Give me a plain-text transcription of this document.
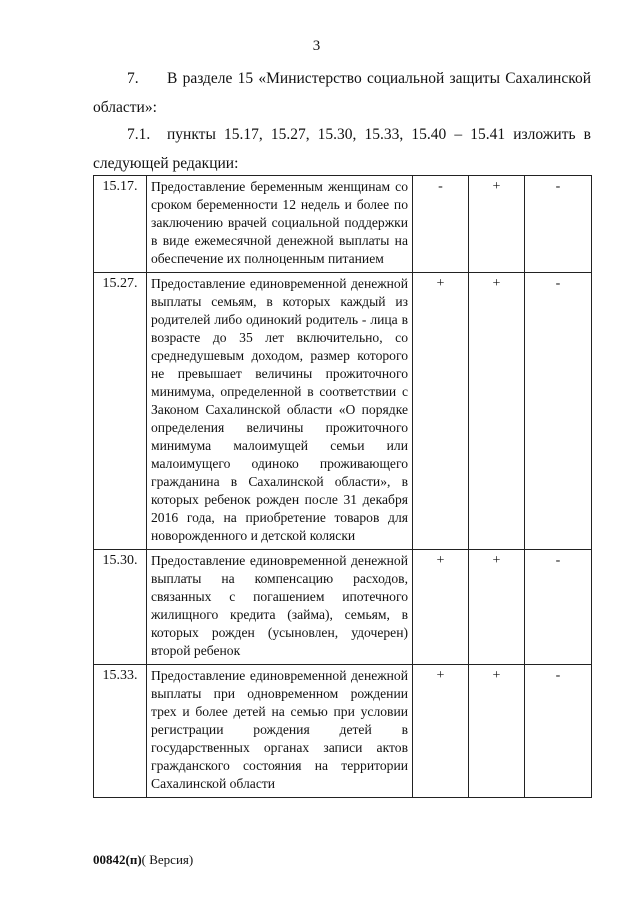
3
7. В разделе 15 «Министерство социальной защиты Сахалинской области»:
7.1. пункты 15.17, 15.27, 15.30, 15.33, 15.40 – 15.41 изложить в следующей редакции:
15.17.	Предоставление беременным женщинам со сроком беременности 12 недель и более по заключению врачей социальной поддержки в виде ежемесячной денежной выплаты на обеспечение их полноценным питанием	-	+	-
15.27.	Предоставление единовременной денежной выплаты семьям, в которых каждый из родителей либо одинокий родитель - лица в возрасте до 35 лет включительно, со среднедушевым доходом, размер которого не превышает величины прожиточного минимума, определенной в соответствии с Законом Сахалинской области «О порядке определения величины прожиточного минимума малоимущей семьи или малоимущего одиноко проживающего гражданина в Сахалинской области», в которых ребенок рожден после 31 декабря 2016 года, на приобретение товаров для новорожденного и детской коляски	+	+	-
15.30.	Предоставление единовременной денежной выплаты на компенсацию расходов, связанных с погашением ипотечного жилищного кредита (займа), семьям, в которых рожден (усыновлен, удочерен) второй ребенок	+	+	-
15.33.	Предоставление единовременной денежной выплаты при одновременном рождении трех и более детей на семью при условии регистрации рождения детей в государственных органах записи актов гражданского состояния на территории Сахалинской области	+	+	-
00842(п)( Версия)
